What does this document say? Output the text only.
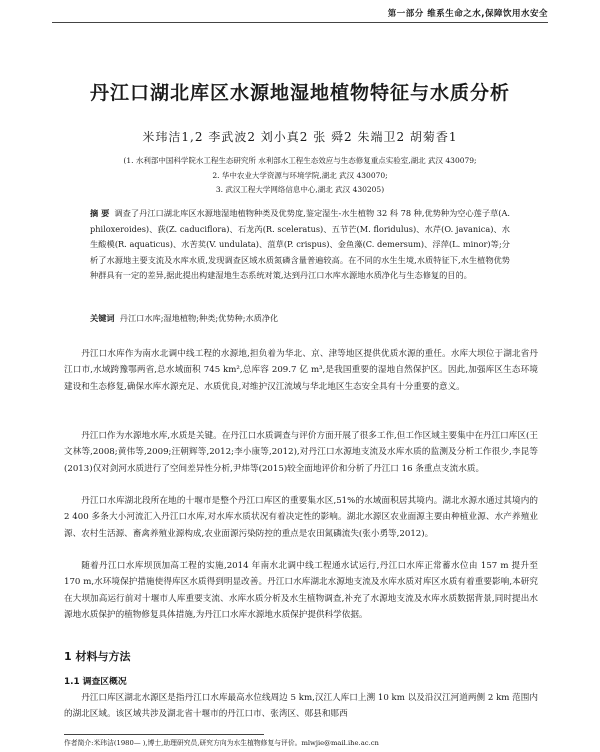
第一部分 维系生命之水,保障饮用水安全
丹江口湖北库区水源地湿地植物特征与水质分析
米玮洁1,2 李武波2 刘小真2 张 舜2 朱端卫2 胡菊香1
(1. 水利部中国科学院水工程生态研究所 水利部水工程生态效应与生态修复重点实验室,湖北 武汉 430079;
2. 华中农业大学资源与环境学院,湖北 武汉 430070;
3. 武汉工程大学网络信息中心,湖北 武汉 430205)
摘 要 调查了丹江口湖北库区水源地湿地植物种类及优势度,鉴定湿生-水生植物 32 科 78 种,优势种为空心莲子草(A. philoxeroides)、荻(Z. caduciflora)、石龙芮(R. sceleratus)、五节芒(M. floridulus)、水芹(O. javanica)、水生酸模(R. aquaticus)、水苦荬(V. undulata)、菹草(P. crispus)、金鱼藻(C. demersum)、浮萍(L. minor)等;分析了水源地主要支流及水库水质,发现调查区域水质氮磷含量普遍较高。在不同的水生生境,水质特征下,水生植物优势种群具有一定的差异,据此提出构建湿地生态系统对策,达到丹江口水库水源地水质净化与生态修复的目的。
关键词 丹江口水库;湿地植物;种类;优势种;水质净化
丹江口水库作为南水北调中线工程的水源地,担负着为华北、京、津等地区提供优质水源的重任。水库大坝位于湖北省丹江口市,水域跨豫鄂两省,总水域面积 745 km²,总库容 209.7 亿 m³,是我国重要的湿地自然保护区。因此,加强库区生态环境建设和生态修复,确保水库水源充足、水质优良,对维护汉江流域与华北地区生态安全具有十分重要的意义。
丹江口作为水源地水库,水质是关键。在丹江口水质调查与评价方面开展了很多工作,但工作区域主要集中在丹江口库区(王文林等,2008;黄伟等,2009;汪朝辉等,2012;李小康等,2012),对丹江口水源地支流及水库水质的监测及分析工作很少,李昆等(2013)仅对剑河水质进行了空间差异性分析,尹炜等(2015)较全面地评价和分析了丹江口 16 条重点支流水质。
丹江口水库湖北段所在地的十堰市是整个丹江口库区的重要集水区,51%的水域面积居其境内。湖北水源水通过其境内的 2 400 多条大小河流汇入丹江口水库,对水库水质状况有着决定性的影响。湖北水源区农业面源主要由种植业源、水产养殖业源、农村生活源、畜禽养殖业源构成,农业面源污染防控的重点是农田氮磷流失(张小勇等,2012)。
随着丹江口水库坝顶加高工程的实施,2014 年南水北调中线工程通水试运行,丹江口水库正常蓄水位由 157 m 提升至 170 m,水环境保护措施使得库区水质得到明显改善。丹江口水库湖北水源地支流及水库水质对库区水质有着重要影响,本研究在大坝加高运行前对十堰市人库重要支流、水库水质分析及水生植物调查,补充了水源地支流及水库水质数据背景,同时提出水源地水质保护的植物修复具体措施,为丹江口水库水源地水质保护提供科学依据。
1 材料与方法
1.1 调查区概况
丹江口库区湖北水源区是指丹江口水库最高水位线周边 5 km,汉江人库口上溯 10 km 以及沿汉江河道两侧 2 km 范围内的湖北区域。该区域共涉及湖北省十堰市的丹江口市、张湾区、郧县和郧西
作者简介:米玮洁(1980— ),博士,助理研究员,研究方向为水生植物修复与评价。mlwjie@mail.ihe.ac.cn
